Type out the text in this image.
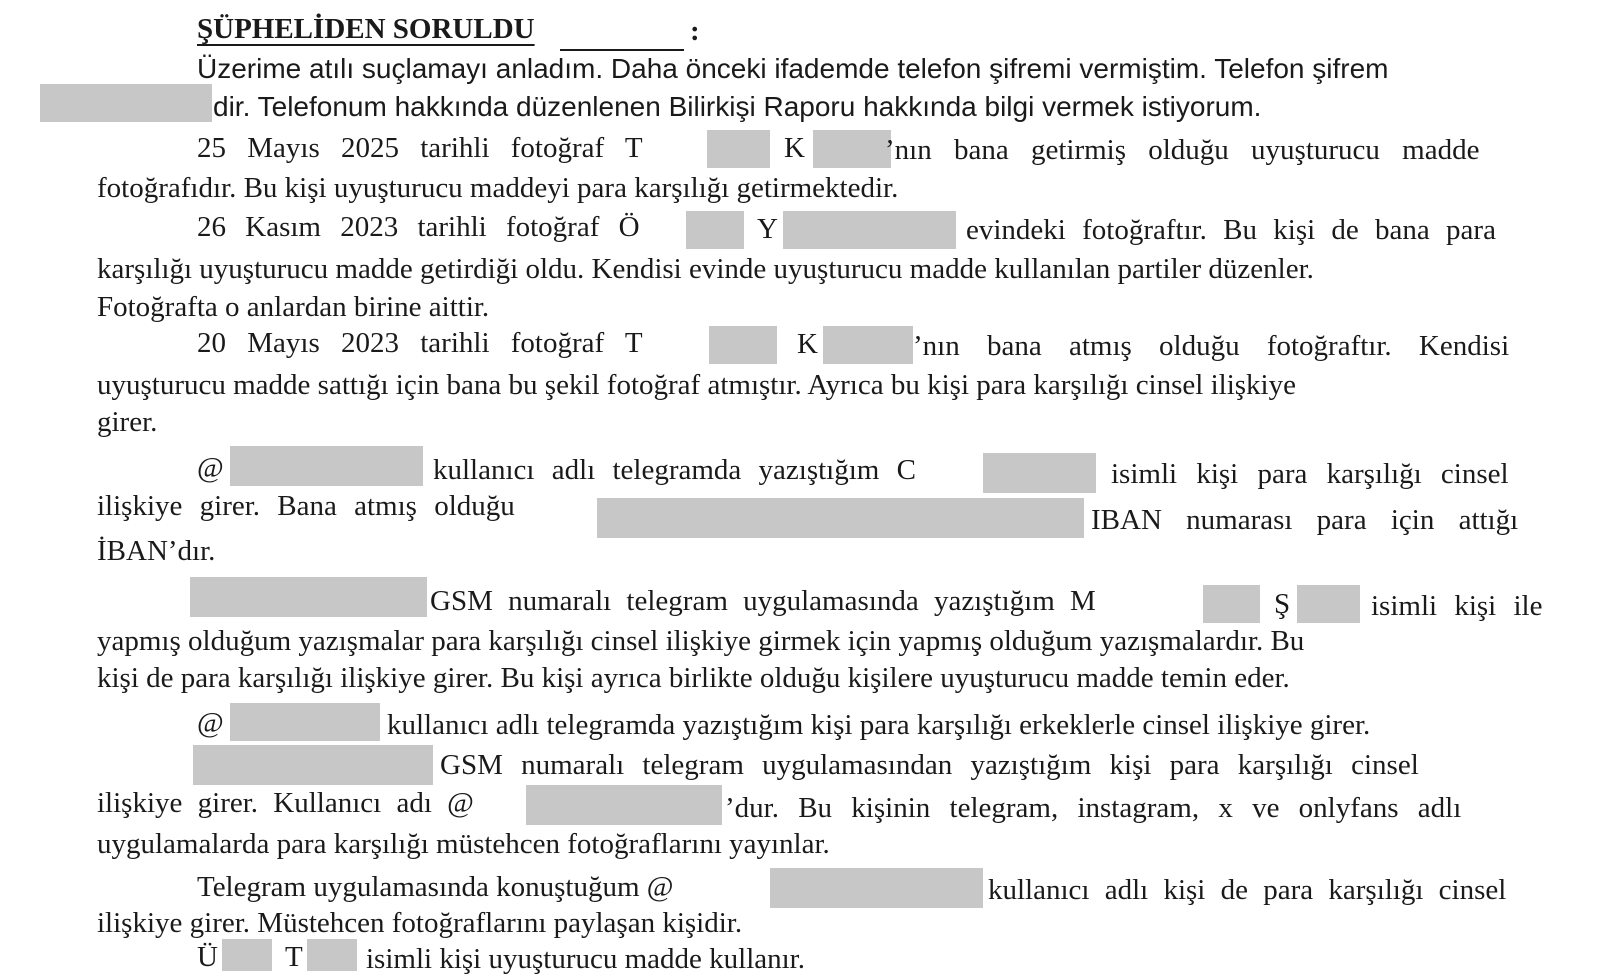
ŞÜPHELİDEN SORULDU	:
Üzerime atılı suçlamayı anladım. Daha önceki ifademde telefon şifremi vermiştim. Telefon şifrem
dir. Telefonum hakkında düzenlenen Bilirkişi Raporu hakkında bilgi vermek istiyorum.
25 Mayıs 2025 tarihli fotoğraf T	K	’nın bana getirmiş olduğu uyuşturucu madde
fotoğrafıdır. Bu kişi uyuşturucu maddeyi para karşılığı getirmektedir.
26 Kasım 2023 tarihli fotoğraf Ö	Y	evindeki fotoğraftır. Bu kişi de bana para
karşılığı uyuşturucu madde getirdiği oldu. Kendisi evinde uyuşturucu madde kullanılan partiler düzenler.
Fotoğrafta o anlardan birine aittir.
20 Mayıs 2023 tarihli fotoğraf T	K	’nın bana atmış olduğu fotoğraftır. Kendisi
uyuşturucu madde sattığı için bana bu şekil fotoğraf atmıştır. Ayrıca bu kişi para karşılığı cinsel ilişkiye
girer.
@	kullanıcı adlı telegramda yazıştığım C	isimli kişi para karşılığı cinsel
ilişkiye girer. Bana atmış olduğu	IBAN numarası para için attığı
İBAN’dır.
GSM numaralı telegram uygulamasında yazıştığım M	Ş	isimli kişi ile
yapmış olduğum yazışmalar para karşılığı cinsel ilişkiye girmek için yapmış olduğum yazışmalardır. Bu
kişi de para karşılığı ilişkiye girer. Bu kişi ayrıca birlikte olduğu kişilere uyuşturucu madde temin eder.
@	kullanıcı adlı telegramda yazıştığım kişi para karşılığı erkeklerle cinsel ilişkiye girer.
GSM numaralı telegram uygulamasından yazıştığım kişi para karşılığı cinsel
ilişkiye girer. Kullanıcı adı @	’dur. Bu kişinin telegram, instagram, x ve onlyfans adlı
uygulamalarda para karşılığı müstehcen fotoğraflarını yayınlar.
Telegram uygulamasında konuştuğum @	kullanıcı adlı kişi de para karşılığı cinsel
ilişkiye girer. Müstehcen fotoğraflarını paylaşan kişidir.
Ü T isimli kişi uyuşturucu madde kullanır.
